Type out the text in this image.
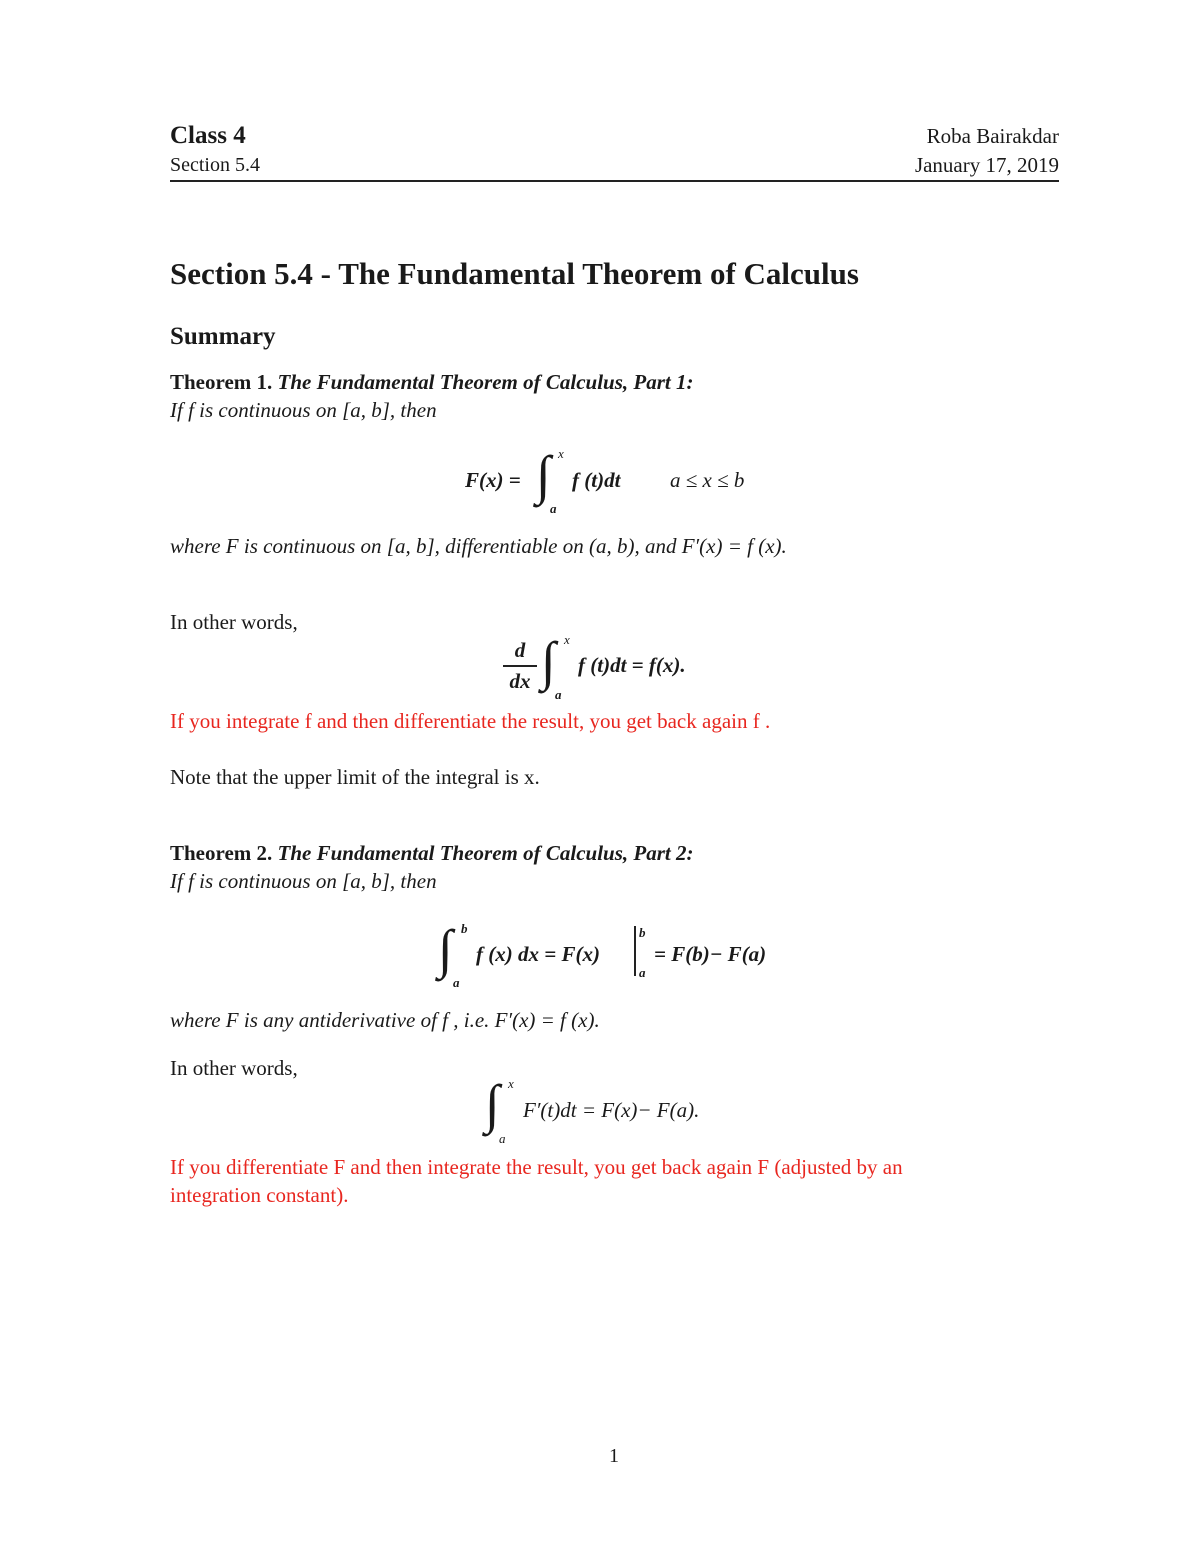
Class 4
Section 5.4
Roba Bairakdar
January 17, 2019
Section 5.4 - The Fundamental Theorem of Calculus
Summary
Theorem 1. The Fundamental Theorem of Calculus, Part 1:
If f is continuous on [a, b], then
F(x) = ∫ x
a
f (t)dt a ≤ x ≤ b
where F is continuous on [a, b], differentiable on (a, b), and F′(x) = f (x).
In other words,
d
dx ∫ x
a
f (t)dt = f(x).
If you integrate f and then differentiate the result, you get back again f .
Note that the upper limit of the integral is x.
Theorem 2. The Fundamental Theorem of Calculus, Part 2:
If f is continuous on [a, b], then
∫ b
a
f (x) dx = F(x)
b
a
= F(b)− F(a)
where F is any antiderivative of f , i.e. F′(x) = f (x).
In other words,
∫ x
a
F′(t)dt = F(x)− F(a).
If you differentiate F and then integrate the result, you get back again F (adjusted by an
integration constant).
1
